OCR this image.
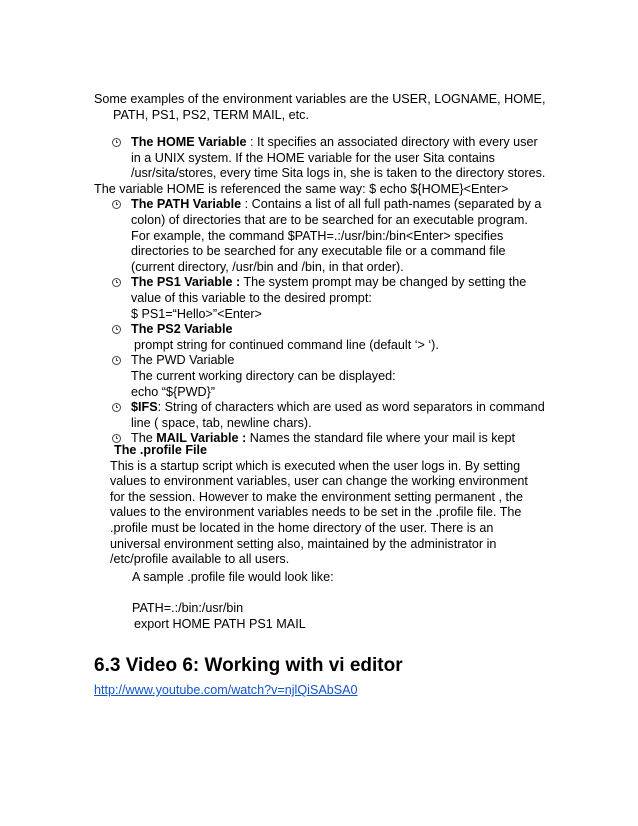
Some examples of the environment variables are the USER, LOGNAME, HOME,
PATH, PS1, PS2, TERM MAIL, etc.
The HOME Variable : It specifies an associated directory with every user
in a UNIX system. If the HOME variable for the user Sita contains
/usr/sita/stores, every time Sita logs in, she is taken to the directory stores.
The variable HOME is referenced the same way: $ echo ${HOME}<Enter>
The PATH Variable : Contains a list of all full path-names (separated by a
colon) of directories that are to be searched for an executable program.
For example, the command $PATH=.:/usr/bin:/bin<Enter> specifies
directories to be searched for any executable file or a command file
(current directory, /usr/bin and /bin, in that order).
The PS1 Variable : The system prompt may be changed by setting the
value of this variable to the desired prompt:
$ PS1=“Hello>”<Enter>
The PS2 Variable
prompt string for continued command line (default ‘> ‘).
The PWD Variable
The current working directory can be displayed:
echo “${PWD}”
$IFS: String of characters which are used as word separators in command
line ( space, tab, newline chars).
The MAIL Variable : Names the standard file where your mail is kept
The .profile File
This is a startup script which is executed when the user logs in. By setting
values to environment variables, user can change the working environment
for the session. However to make the environment setting permanent , the
values to the environment variables needs to be set in the .profile file. The
.profile must be located in the home directory of the user. There is an
universal environment setting also, maintained by the administrator in
/etc/profile available to all users.
A sample .profile file would look like:
PATH=.:/bin:/usr/bin
export HOME PATH PS1 MAIL
6.3 Video 6: Working with vi editor
http://www.youtube.com/watch?v=njlQiSAbSA0
